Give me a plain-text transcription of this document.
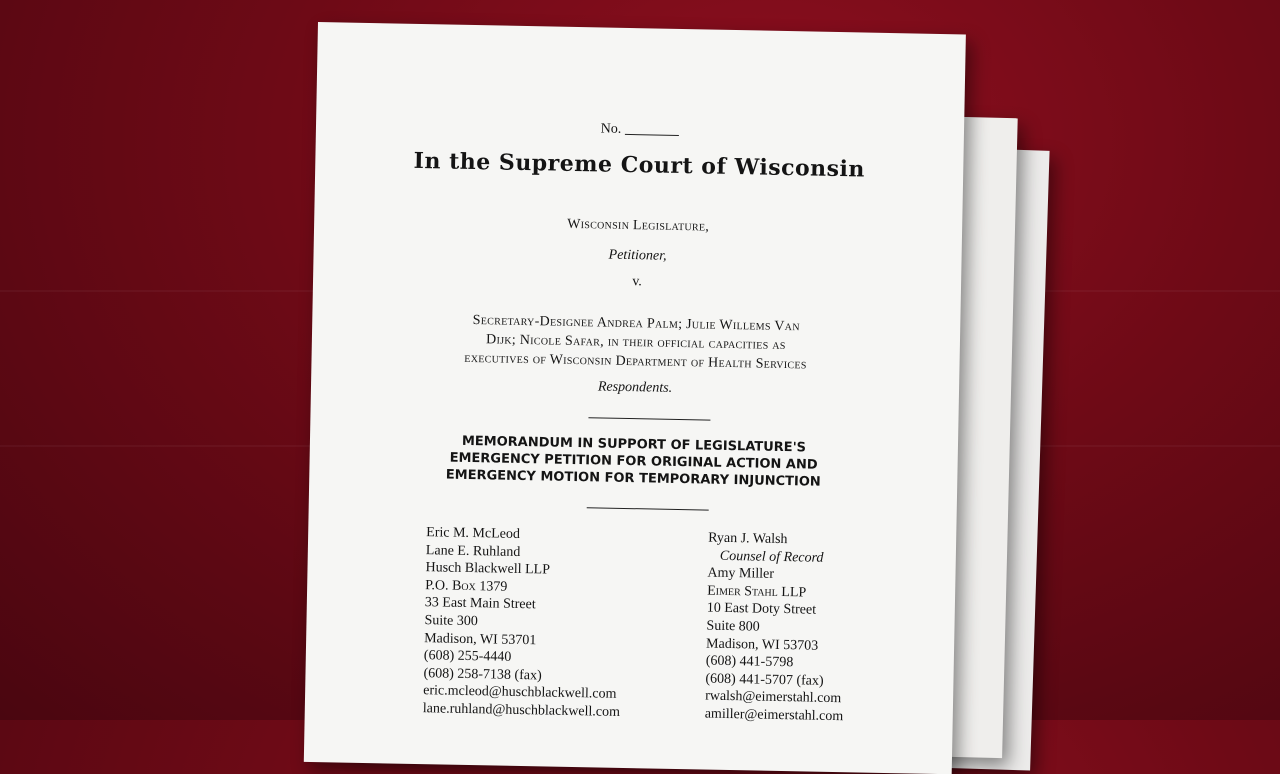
No.
In the Supreme Court of Wisconsin
Wisconsin Legislature,
Petitioner,
v.
Secretary-Designee Andrea Palm; Julie Willems Van
Dijk; Nicole Safar, in their official capacities as
executives of Wisconsin Department of Health Services
Respondents.
MEMORANDUM IN SUPPORT OF LEGISLATURE'S
EMERGENCY PETITION FOR ORIGINAL ACTION AND
EMERGENCY MOTION FOR TEMPORARY INJUNCTION
Eric M. McLeod
Lane E. Ruhland
Husch Blackwell LLP
P.O. Box 1379
33 East Main Street
Suite 300
Madison, WI 53701
(608) 255-4440
(608) 258-7138 (fax)
eric.mcleod@huschblackwell.com
lane.ruhland@huschblackwell.com
Ryan J. Walsh
Counsel of Record
Amy Miller
Eimer Stahl LLP
10 East Doty Street
Suite 800
Madison, WI 53703
(608) 441-5798
(608) 441-5707 (fax)
rwalsh@eimerstahl.com
amiller@eimerstahl.com
